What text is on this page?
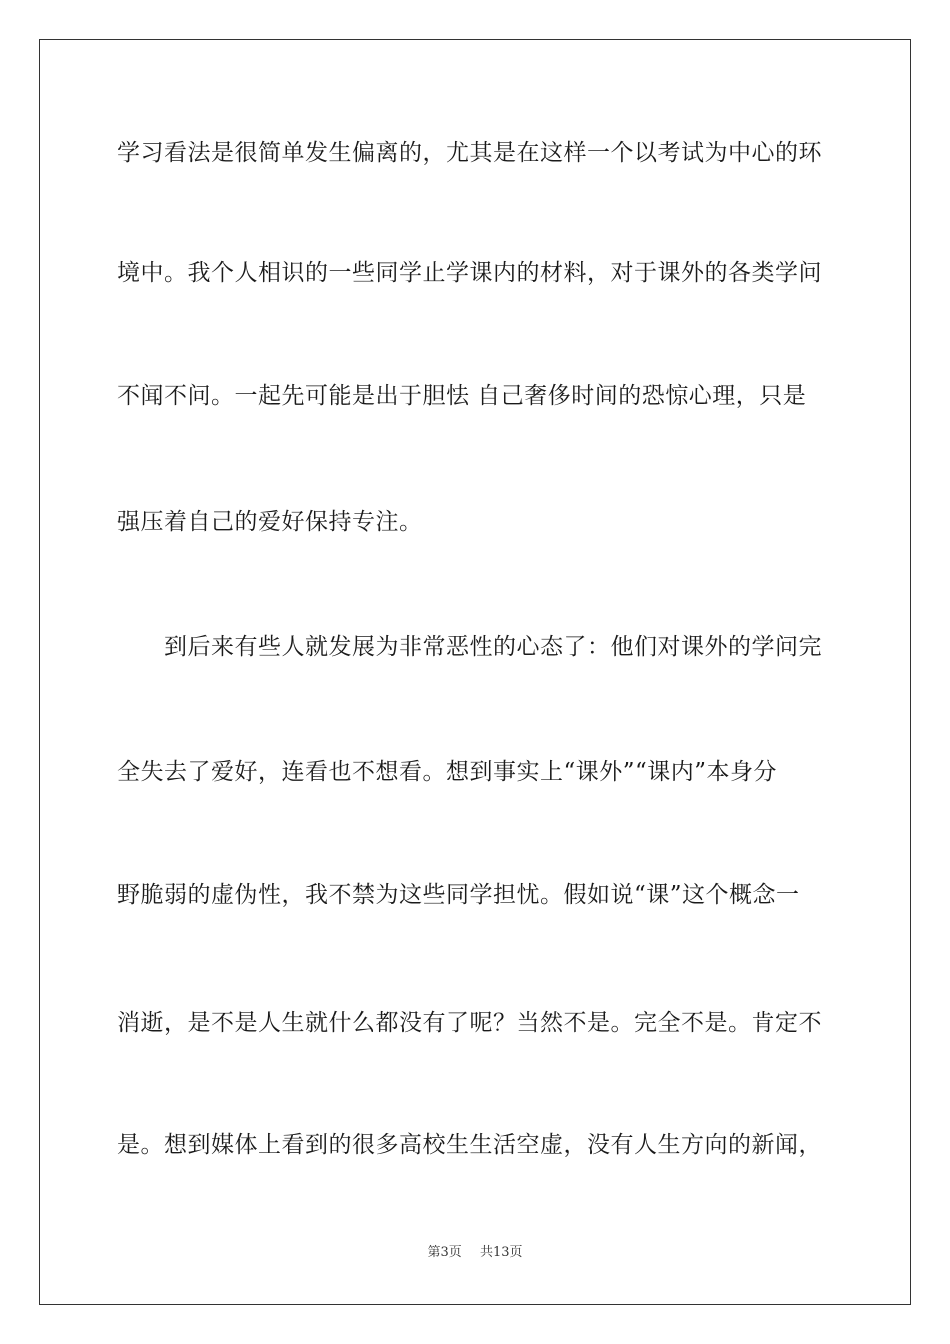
学习看法是很简单发生偏离的，尤其是在这样一个以考试为中心的环
境中。我个人相识的一些同学止学课内的材料，对于课外的各类学问
不闻不问。一起先可能是出于胆怯 自己奢侈时间的恐惊心理，只是
强压着自己的爱好保持专注。
到后来有些人就发展为非常恶性的心态了：他们对课外的学问完
全失去了爱好，连看也不想看。想到事实上“课外”“课内”本身分
野脆弱的虚伪性，我不禁为这些同学担忧。假如说“课”这个概念一
消逝，是不是人生就什么都没有了呢？当然不是。完全不是。肯定不
是。想到媒体上看到的很多高校生生活空虚，没有人生方向的新闻，
第3页 共13页
